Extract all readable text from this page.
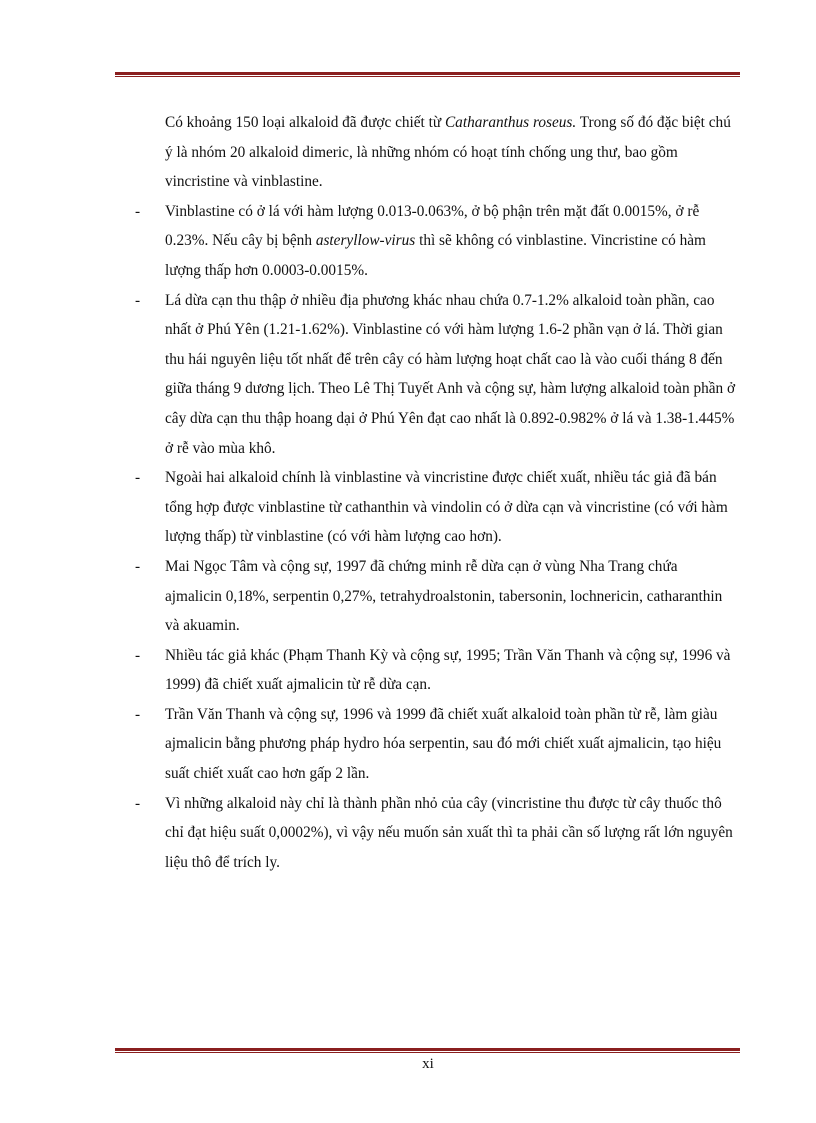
Có khoảng 150 loại alkaloid đã được chiết từ Catharanthus roseus. Trong số đó đặc biệt chú ý là nhóm 20 alkaloid dimeric, là những nhóm có hoạt tính chống ung thư, bao gồm vincristine và vinblastine.

- Vinblastine có ở lá với hàm lượng 0.013-0.063%, ở bộ phận trên mặt đất 0.0015%, ở rễ 0.23%. Nếu cây bị bệnh asteryllow-virus thì sẽ không có vinblastine. Vincristine có hàm lượng thấp hơn 0.0003-0.0015%.

- Lá dừa cạn thu thập ở nhiều địa phương khác nhau chứa 0.7-1.2% alkaloid toàn phần, cao nhất ở Phú Yên (1.21-1.62%). Vinblastine có với hàm lượng 1.6-2 phần vạn ở lá. Thời gian thu hái nguyên liệu tốt nhất để trên cây có hàm lượng hoạt chất cao là vào cuối tháng 8 đến giữa tháng 9 dương lịch. Theo Lê Thị Tuyết Anh và cộng sự, hàm lượng alkaloid toàn phần ở cây dừa cạn thu thập hoang dại ở Phú Yên đạt cao nhất là 0.892-0.982% ở lá và 1.38-1.445% ở rễ vào mùa khô.

- Ngoài hai alkaloid chính là vinblastine và vincristine được chiết xuất, nhiều tác giả đã bán tổng hợp được vinblastine từ cathanthin và vindolin có ở dừa cạn và vincristine (có với hàm lượng thấp) từ vinblastine (có với hàm lượng cao hơn).

- Mai Ngọc Tâm và cộng sự, 1997 đã chứng minh rễ dừa cạn ở vùng Nha Trang chứa ajmalicin 0,18%, serpentin 0,27%, tetrahydroalstonin, tabersonin, lochnericin, catharanthin và akuamin.

- Nhiều tác giả khác (Phạm Thanh Kỳ và cộng sự, 1995; Trần Văn Thanh và cộng sự, 1996 và 1999) đã chiết xuất ajmalicin từ rễ dừa cạn.

- Trần Văn Thanh và cộng sự, 1996 và 1999 đã chiết xuất alkaloid toàn phần từ rễ, làm giàu ajmalicin bằng phương pháp hydro hóa serpentin, sau đó mới chiết xuất ajmalicin, tạo hiệu suất chiết xuất cao hơn gấp 2 lần.

- Vì những alkaloid này chỉ là thành phần nhỏ của cây (vincristine thu được từ cây thuốc thô chỉ đạt hiệu suất 0,0002%), vì vậy nếu muốn sản xuất thì ta phải cần số lượng rất lớn nguyên liệu thô để trích ly.

xi
